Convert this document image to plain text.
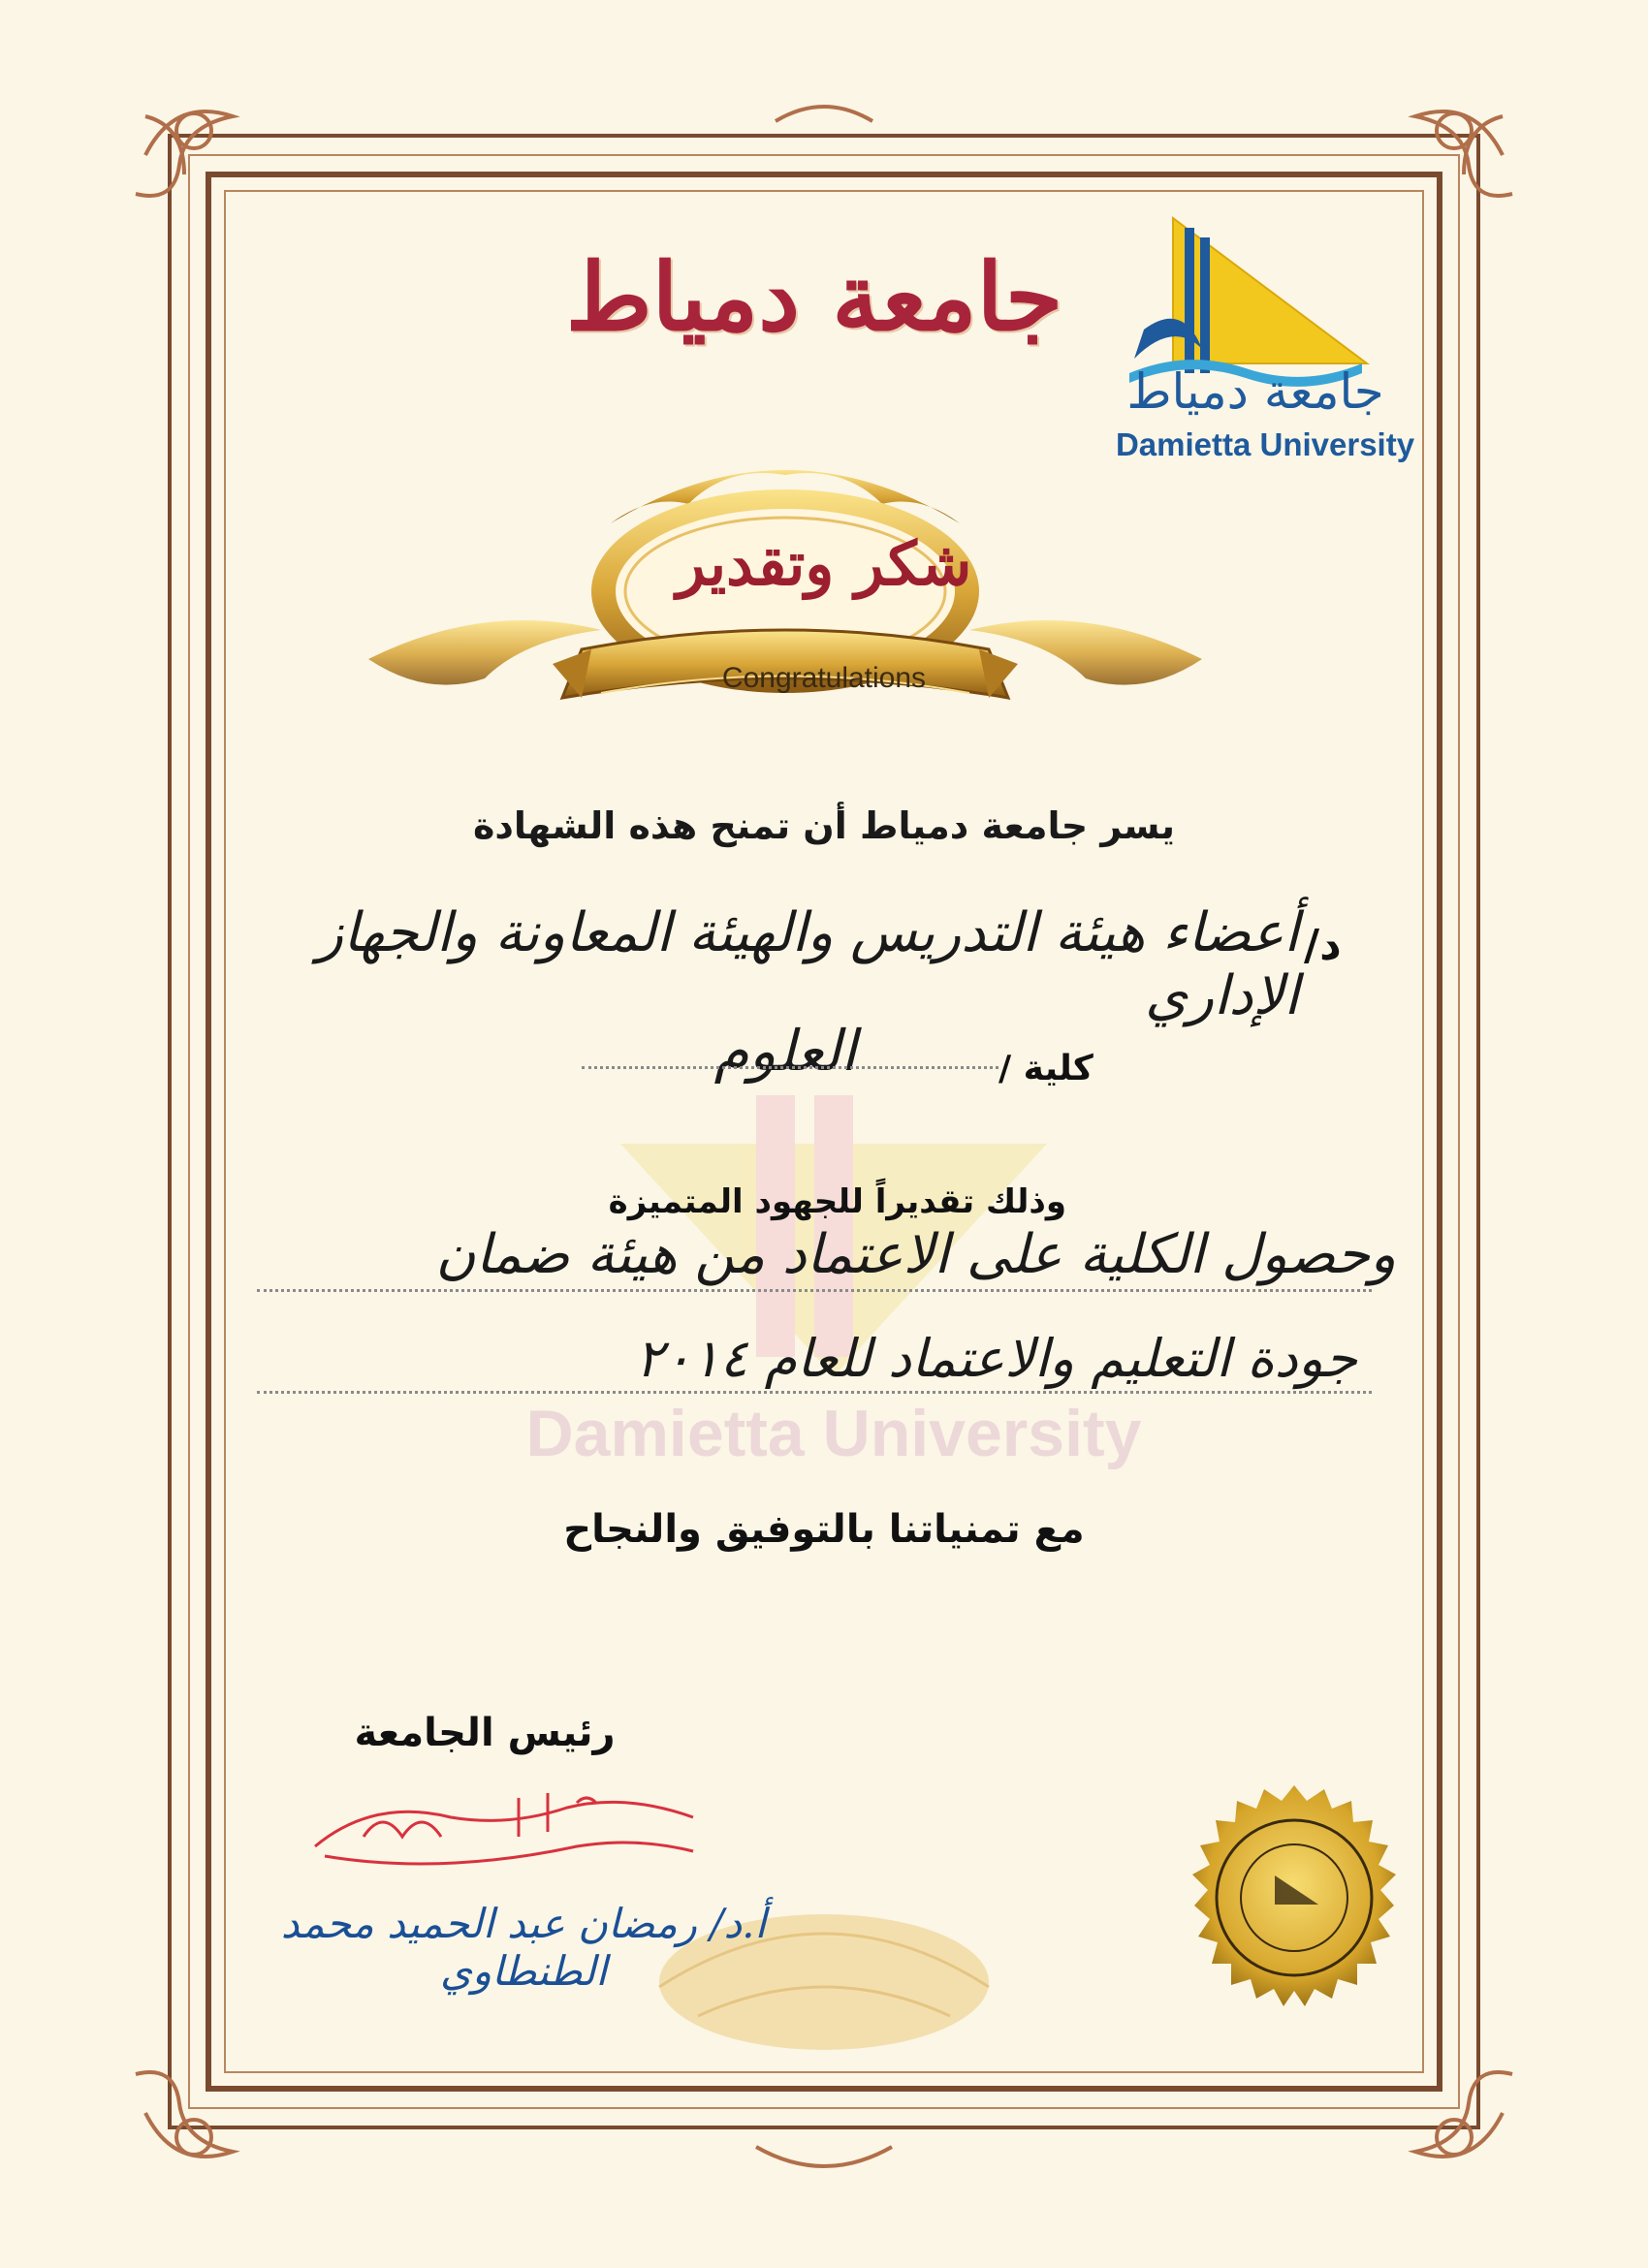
جامعة دمياط
جامعة دمياط
Damietta University
شكر وتقدير
Congratulations
يسر جامعة دمياط أن تمنح هذه الشهادة
د/
أعضاء هيئة التدريس والهيئة المعاونة والجهاز الإداري
كلية /
العلوم
Damietta University
وذلك تقديراً للجهود المتميزة
وحصول الكلية على الاعتماد من هيئة ضمان
جودة التعليم والاعتماد للعام ٢٠١٤
مع تمنياتنا بالتوفيق والنجاح
رئيس الجامعة
أ.د/ رمضان عبد الحميد محمد الطنطاوي
